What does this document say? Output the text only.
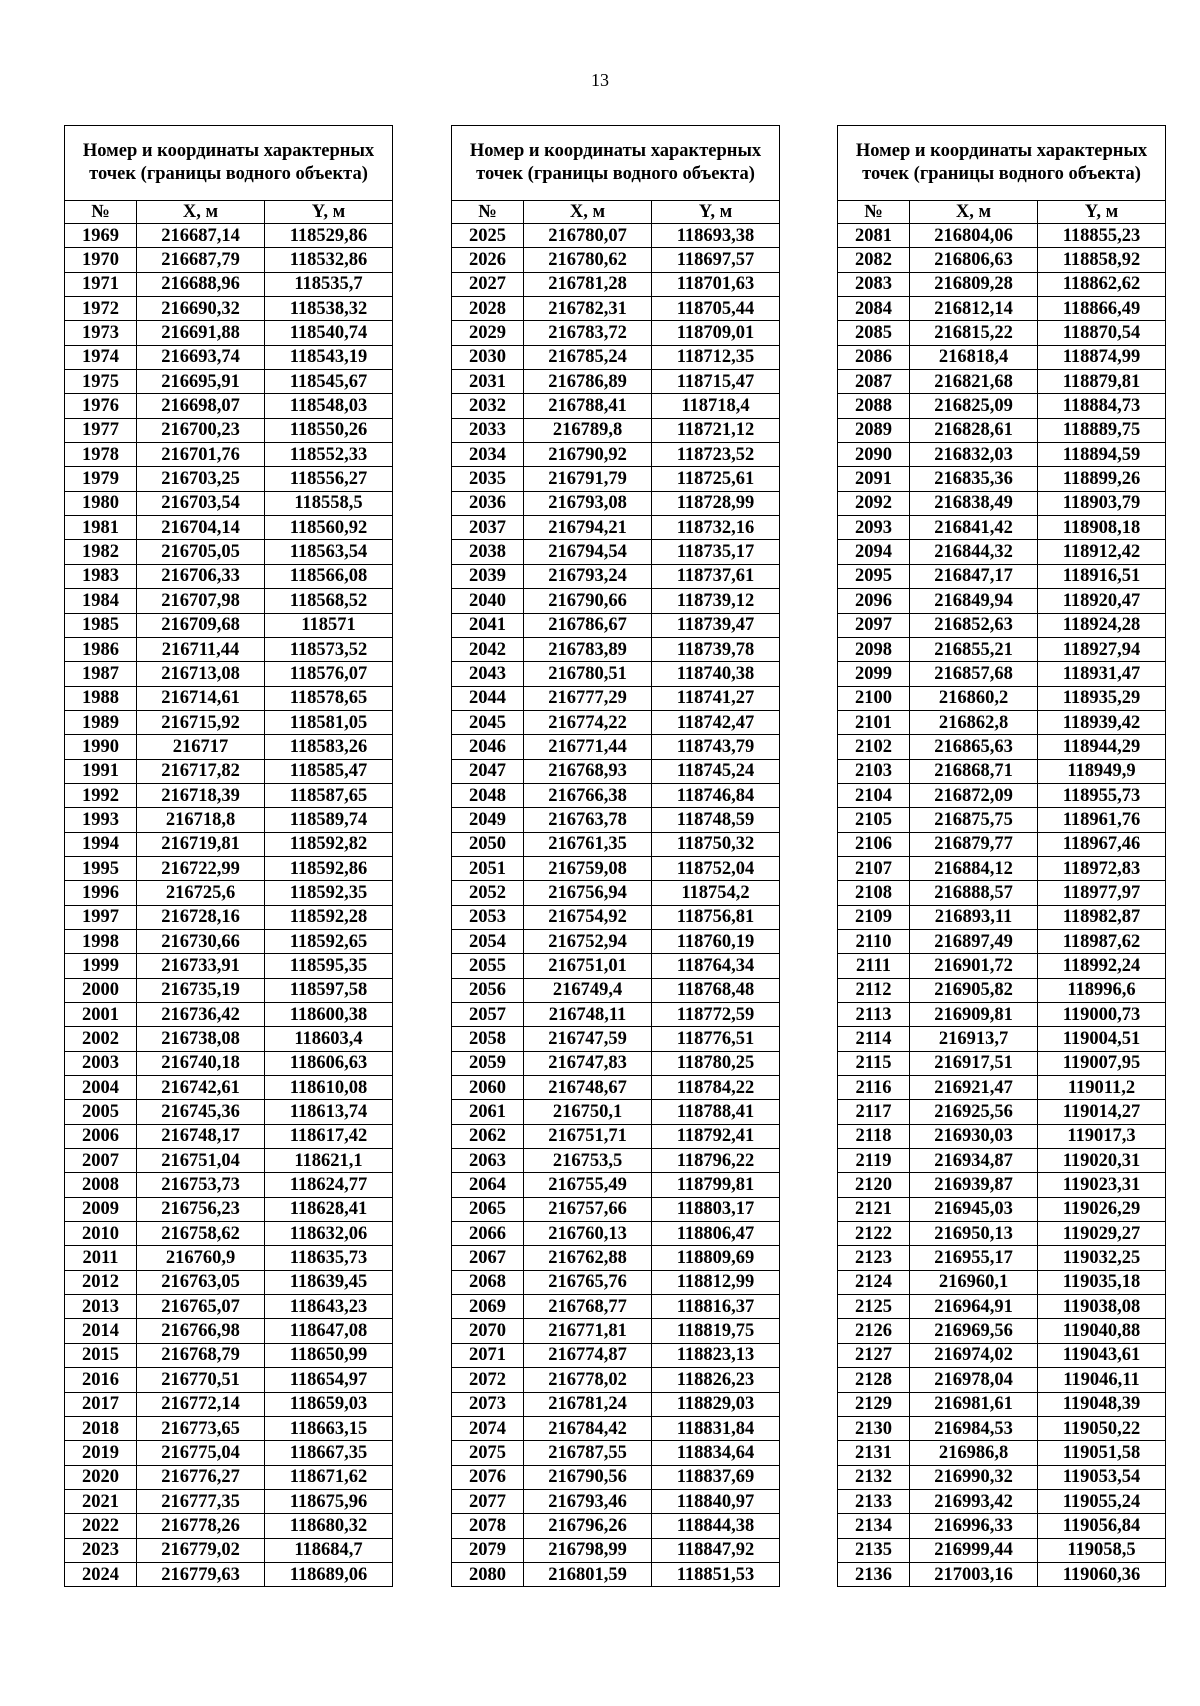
13
Номер и координаты характерных точек (границы водного объекта)		
№	X, м	Y, м
1969	216687,14	118529,86
1970	216687,79	118532,86
1971	216688,96	118535,7
1972	216690,32	118538,32
1973	216691,88	118540,74
1974	216693,74	118543,19
1975	216695,91	118545,67
1976	216698,07	118548,03
1977	216700,23	118550,26
1978	216701,76	118552,33
1979	216703,25	118556,27
1980	216703,54	118558,5
1981	216704,14	118560,92
1982	216705,05	118563,54
1983	216706,33	118566,08
1984	216707,98	118568,52
1985	216709,68	118571
1986	216711,44	118573,52
1987	216713,08	118576,07
1988	216714,61	118578,65
1989	216715,92	118581,05
1990	216717	118583,26
1991	216717,82	118585,47
1992	216718,39	118587,65
1993	216718,8	118589,74
1994	216719,81	118592,82
1995	216722,99	118592,86
1996	216725,6	118592,35
1997	216728,16	118592,28
1998	216730,66	118592,65
1999	216733,91	118595,35
2000	216735,19	118597,58
2001	216736,42	118600,38
2002	216738,08	118603,4
2003	216740,18	118606,63
2004	216742,61	118610,08
2005	216745,36	118613,74
2006	216748,17	118617,42
2007	216751,04	118621,1
2008	216753,73	118624,77
2009	216756,23	118628,41
2010	216758,62	118632,06
2011	216760,9	118635,73
2012	216763,05	118639,45
2013	216765,07	118643,23
2014	216766,98	118647,08
2015	216768,79	118650,99
2016	216770,51	118654,97
2017	216772,14	118659,03
2018	216773,65	118663,15
2019	216775,04	118667,35
2020	216776,27	118671,62
2021	216777,35	118675,96
2022	216778,26	118680,32
2023	216779,02	118684,7
2024	216779,63	118689,06
Номер и координаты характерных точек (границы водного объекта)		
№	X, м	Y, м
2025	216780,07	118693,38
2026	216780,62	118697,57
2027	216781,28	118701,63
2028	216782,31	118705,44
2029	216783,72	118709,01
2030	216785,24	118712,35
2031	216786,89	118715,47
2032	216788,41	118718,4
2033	216789,8	118721,12
2034	216790,92	118723,52
2035	216791,79	118725,61
2036	216793,08	118728,99
2037	216794,21	118732,16
2038	216794,54	118735,17
2039	216793,24	118737,61
2040	216790,66	118739,12
2041	216786,67	118739,47
2042	216783,89	118739,78
2043	216780,51	118740,38
2044	216777,29	118741,27
2045	216774,22	118742,47
2046	216771,44	118743,79
2047	216768,93	118745,24
2048	216766,38	118746,84
2049	216763,78	118748,59
2050	216761,35	118750,32
2051	216759,08	118752,04
2052	216756,94	118754,2
2053	216754,92	118756,81
2054	216752,94	118760,19
2055	216751,01	118764,34
2056	216749,4	118768,48
2057	216748,11	118772,59
2058	216747,59	118776,51
2059	216747,83	118780,25
2060	216748,67	118784,22
2061	216750,1	118788,41
2062	216751,71	118792,41
2063	216753,5	118796,22
2064	216755,49	118799,81
2065	216757,66	118803,17
2066	216760,13	118806,47
2067	216762,88	118809,69
2068	216765,76	118812,99
2069	216768,77	118816,37
2070	216771,81	118819,75
2071	216774,87	118823,13
2072	216778,02	118826,23
2073	216781,24	118829,03
2074	216784,42	118831,84
2075	216787,55	118834,64
2076	216790,56	118837,69
2077	216793,46	118840,97
2078	216796,26	118844,38
2079	216798,99	118847,92
2080	216801,59	118851,53
Номер и координаты характерных точек (границы водного объекта)		
№	X, м	Y, м
2081	216804,06	118855,23
2082	216806,63	118858,92
2083	216809,28	118862,62
2084	216812,14	118866,49
2085	216815,22	118870,54
2086	216818,4	118874,99
2087	216821,68	118879,81
2088	216825,09	118884,73
2089	216828,61	118889,75
2090	216832,03	118894,59
2091	216835,36	118899,26
2092	216838,49	118903,79
2093	216841,42	118908,18
2094	216844,32	118912,42
2095	216847,17	118916,51
2096	216849,94	118920,47
2097	216852,63	118924,28
2098	216855,21	118927,94
2099	216857,68	118931,47
2100	216860,2	118935,29
2101	216862,8	118939,42
2102	216865,63	118944,29
2103	216868,71	118949,9
2104	216872,09	118955,73
2105	216875,75	118961,76
2106	216879,77	118967,46
2107	216884,12	118972,83
2108	216888,57	118977,97
2109	216893,11	118982,87
2110	216897,49	118987,62
2111	216901,72	118992,24
2112	216905,82	118996,6
2113	216909,81	119000,73
2114	216913,7	119004,51
2115	216917,51	119007,95
2116	216921,47	119011,2
2117	216925,56	119014,27
2118	216930,03	119017,3
2119	216934,87	119020,31
2120	216939,87	119023,31
2121	216945,03	119026,29
2122	216950,13	119029,27
2123	216955,17	119032,25
2124	216960,1	119035,18
2125	216964,91	119038,08
2126	216969,56	119040,88
2127	216974,02	119043,61
2128	216978,04	119046,11
2129	216981,61	119048,39
2130	216984,53	119050,22
2131	216986,8	119051,58
2132	216990,32	119053,54
2133	216993,42	119055,24
2134	216996,33	119056,84
2135	216999,44	119058,5
2136	217003,16	119060,36
